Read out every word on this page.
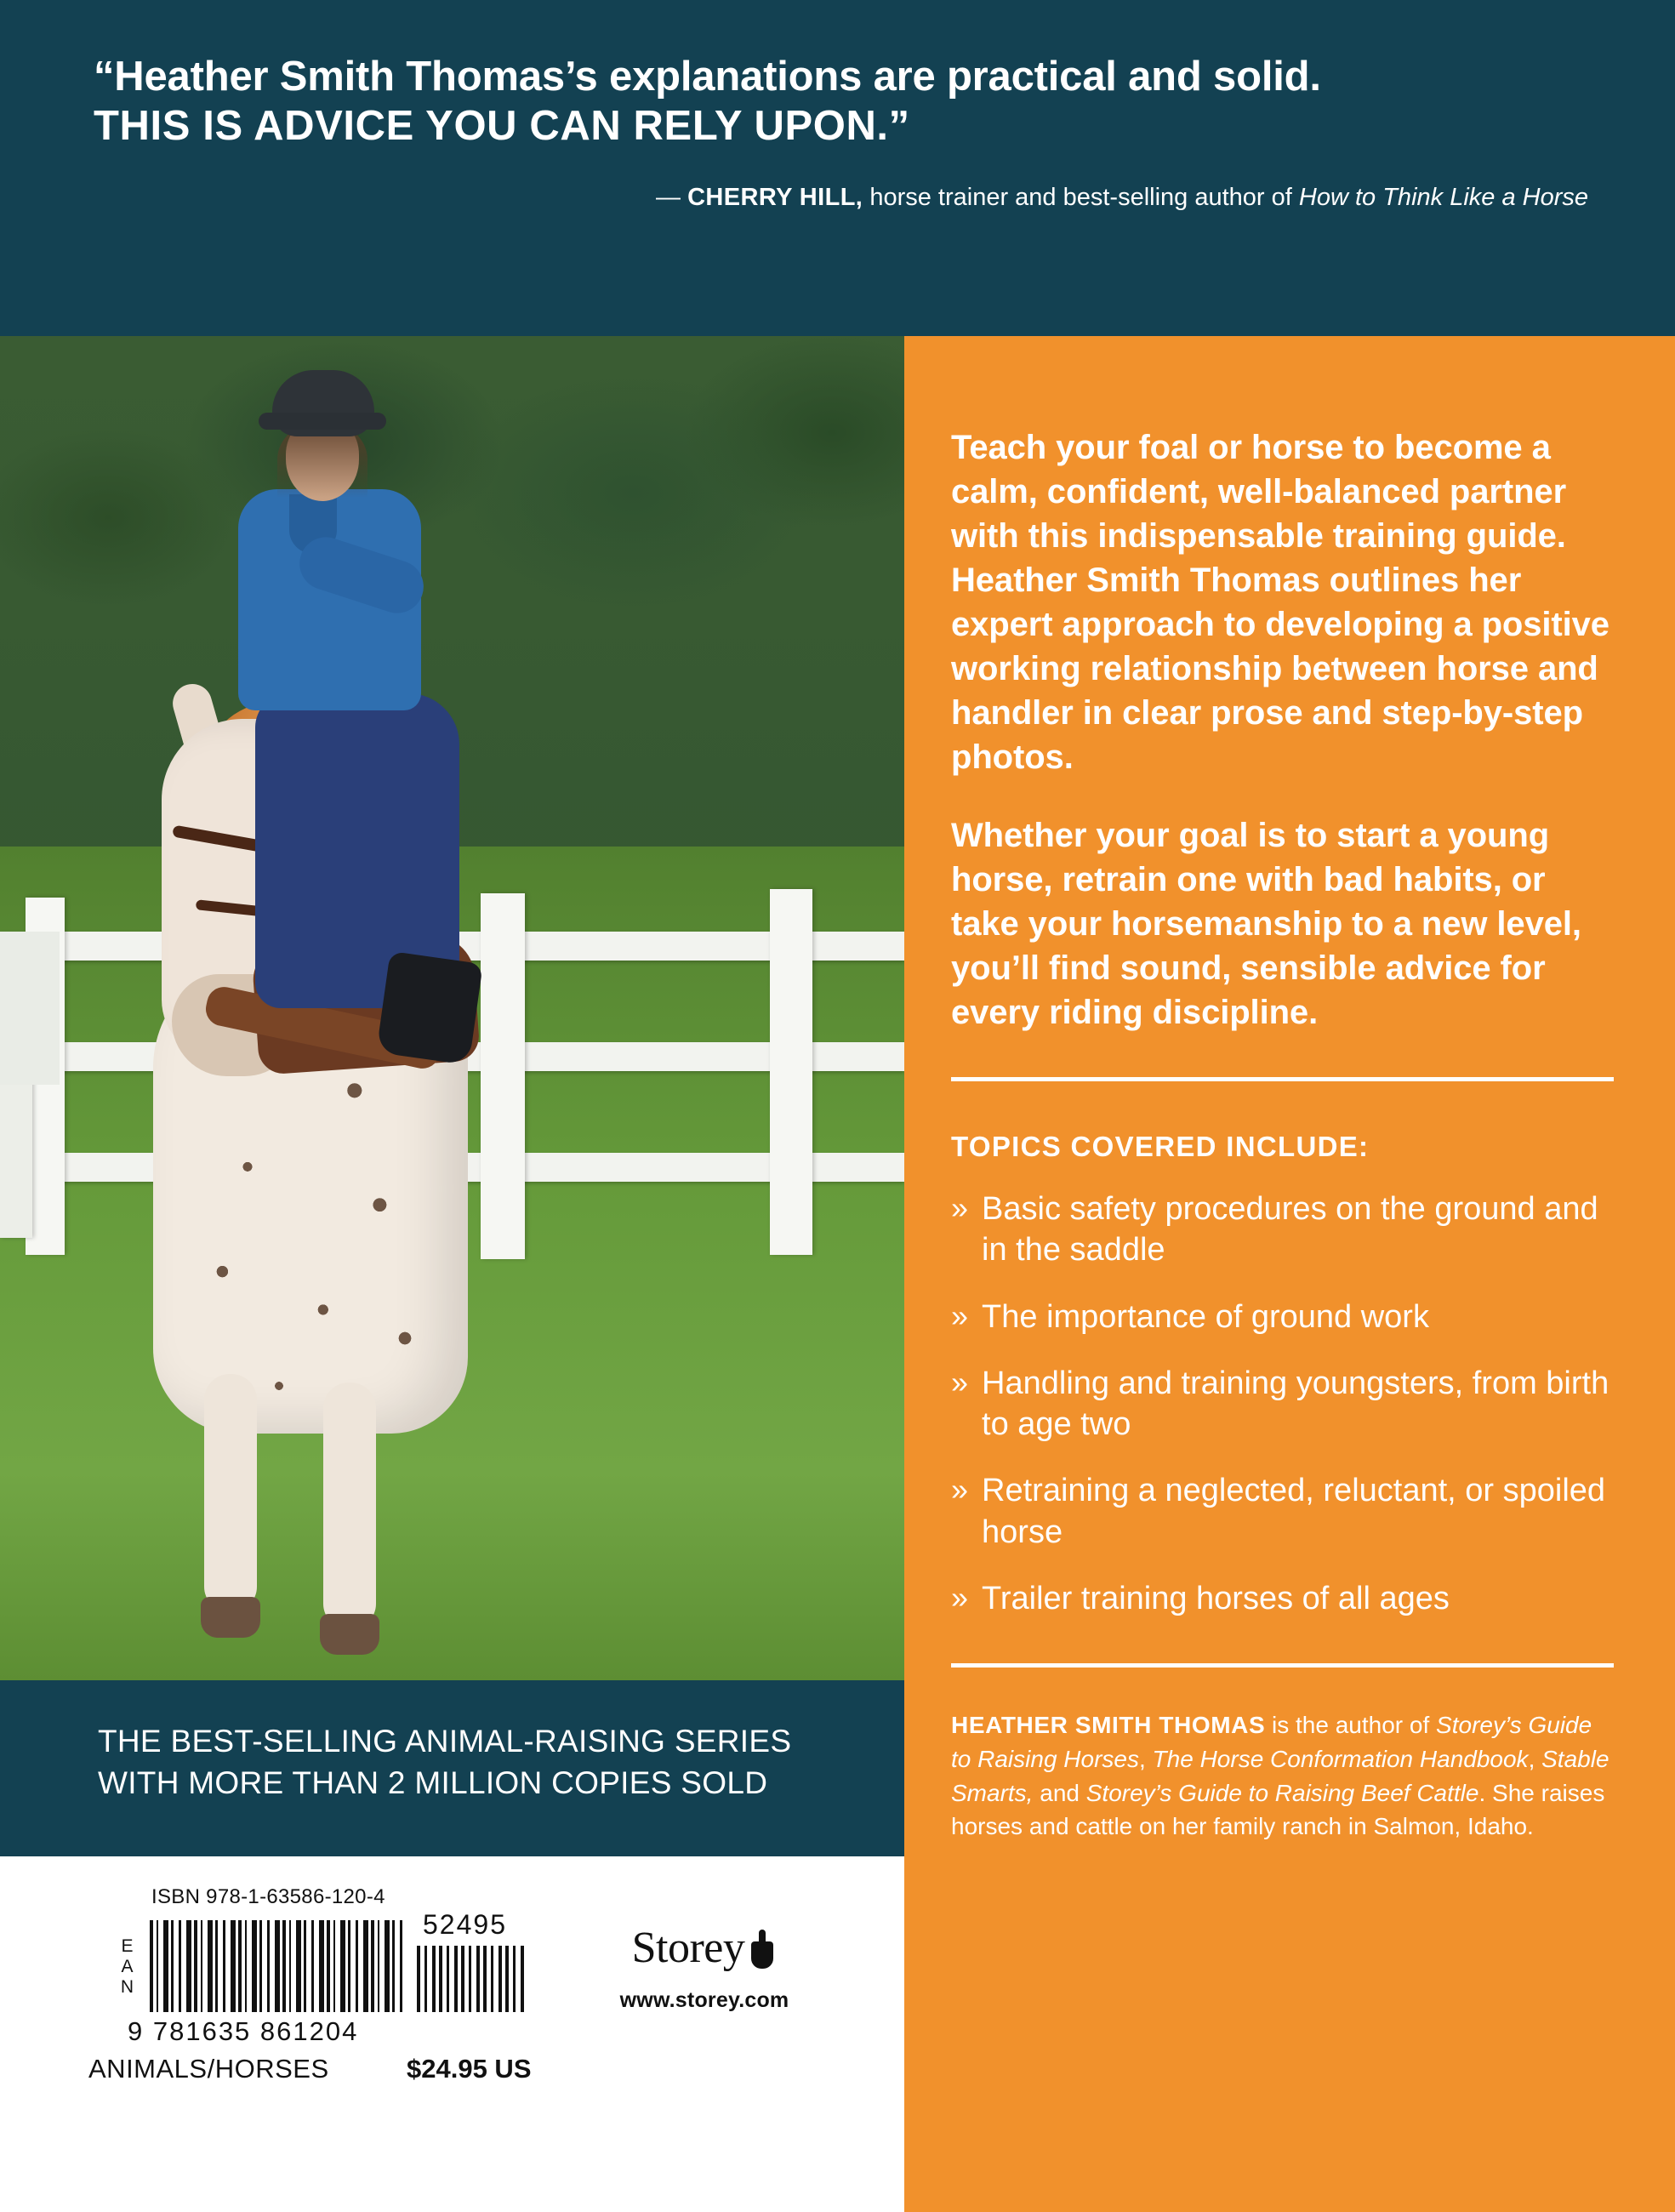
“Heather Smith Thomas’s explanations are practical and solid.
THIS IS ADVICE YOU CAN RELY UPON.”
— CHERRY HILL, horse trainer and best-selling author of How to Think Like a Horse
THE BEST-SELLING ANIMAL-RAISING SERIES
WITH MORE THAN 2 MILLION COPIES SOLD
ISBN 978-1-63586-120-4
EAN
9 781635 861204
52495
ANIMALS/HORSES	$24.95 US
Storey
www.storey.com

Teach your foal or horse to become a calm, confident, well-balanced partner with this indispensable training guide. Heather Smith Thomas outlines her expert approach to developing a positive working relationship between horse and handler in clear prose and step-by-step photos.

Whether your goal is to start a young horse, retrain one with bad habits, or take your horsemanship to a new level, you’ll find sound, sensible advice for every riding discipline.

TOPICS COVERED INCLUDE:
» Basic safety procedures on the ground and in the saddle
» The importance of ground work
» Handling and training youngsters, from birth to age two
» Retraining a neglected, reluctant, or spoiled horse
» Trailer training horses of all ages
HEATHER SMITH THOMAS is the author of Storey’s Guide to Raising Horses, The Horse Conformation Handbook, Stable Smarts, and Storey’s Guide to Raising Beef Cattle. She raises horses and cattle on her family ranch in Salmon, Idaho.
